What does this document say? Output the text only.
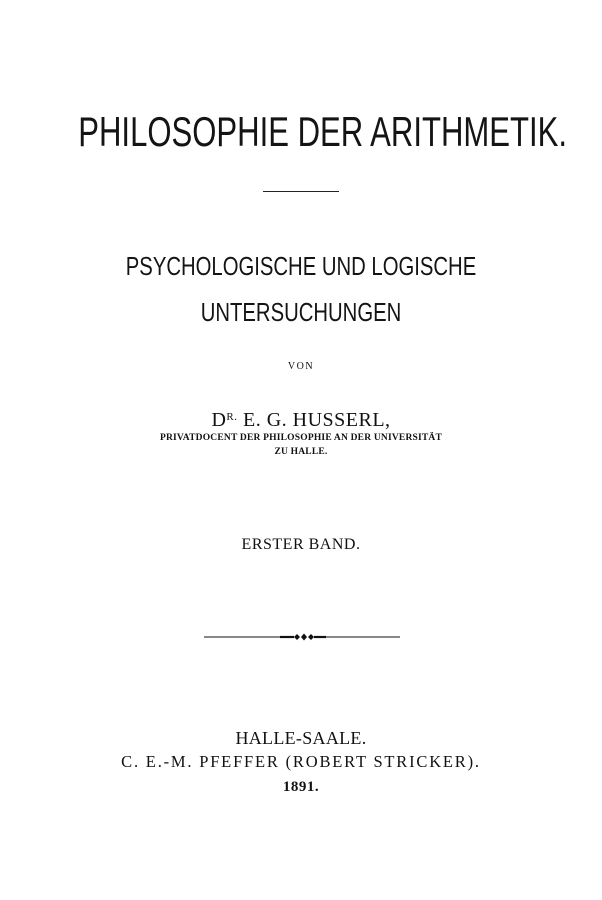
PHILOSOPHIE DER ARITHMETIK.
PSYCHOLOGISCHE UND LOGISCHE
UNTERSUCHUNGEN
VON
$D^{R.}$ E. G. HUSSERL,
PRIVATDOCENT DER PHILOSOPHIE AN DER UNIVERSITÄT
ZU HALLE.
ERSTER BAND.
HALLE-SAALE.
C. E.-M. PFEFFER (ROBERT STRICKER).
1891.
